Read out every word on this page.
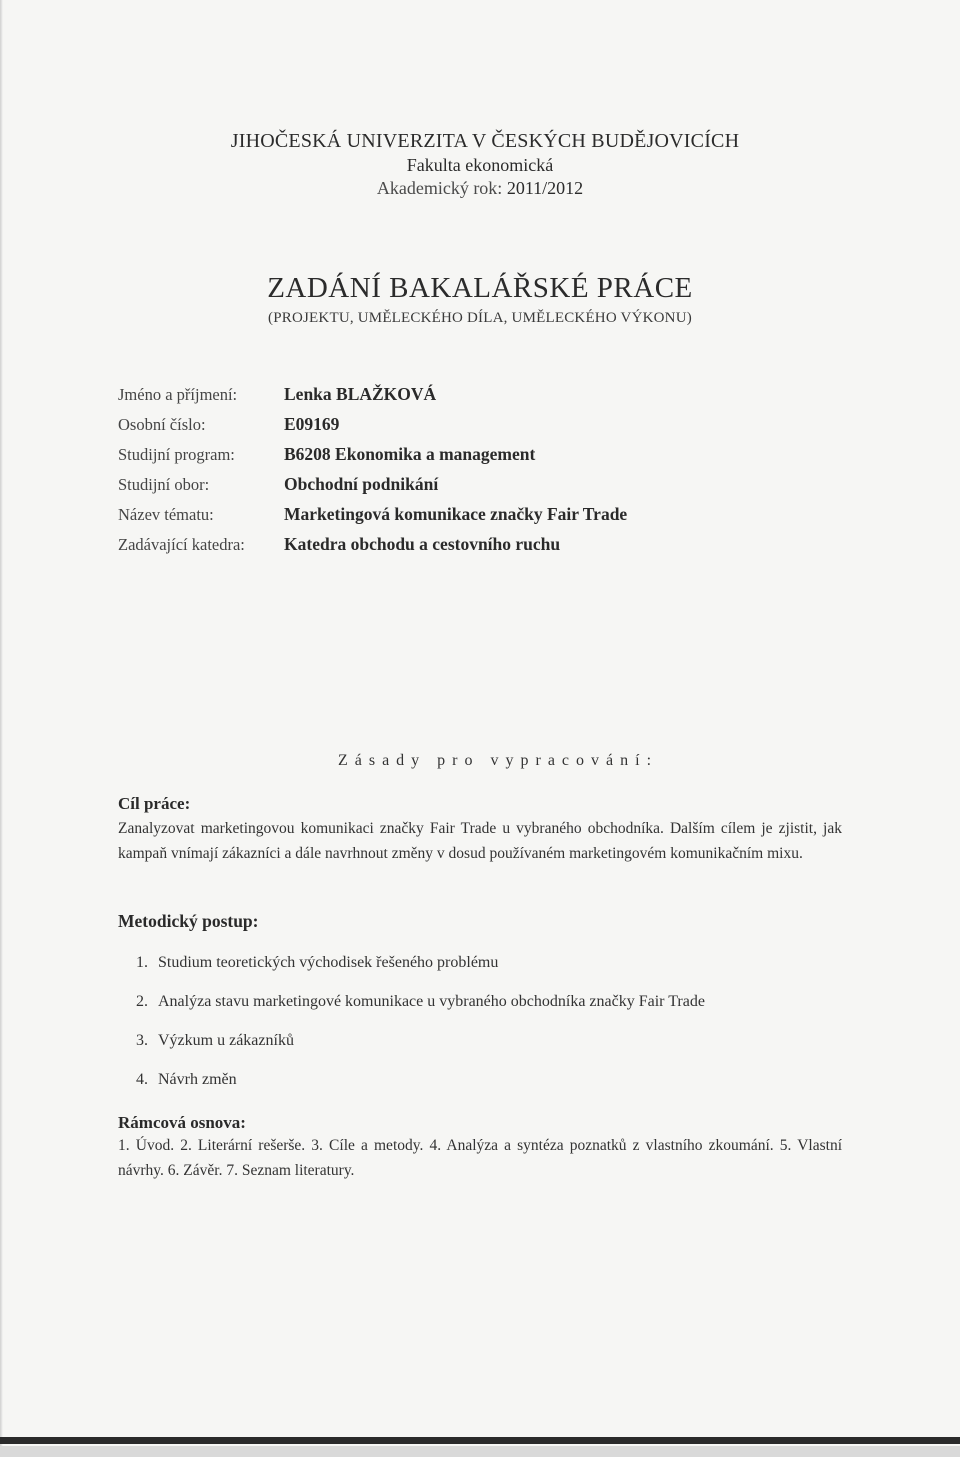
JIHOČESKÁ UNIVERZITA V ČESKÝCH BUDĚJOVICÍCH
Fakulta ekonomická
Akademický rok: 2011/2012
ZADÁNÍ BAKALÁŘSKÉ PRÁCE
(PROJEKTU, UMĚLECKÉHO DÍLA, UMĚLECKÉHO VÝKONU)
Jméno a příjmení:	Lenka BLAŽKOVÁ
Osobní číslo:	E09169
Studijní program:	B6208 Ekonomika a management
Studijní obor:	Obchodní podnikání
Název tématu:	Marketingová komunikace značky Fair Trade
Zadávající katedra:	Katedra obchodu a cestovního ruchu
Zásady pro vypracování:
Cíl práce:
Zanalyzovat marketingovou komunikaci značky Fair Trade u vybraného obchodníka. Dalším cílem je zjistit, jak kampaň vnímají zákazníci a dále navrhnout změny v dosud používaném marketingovém komunikačním mixu.
Metodický postup:
1. Studium teoretických východisek řešeného problému
2. Analýza stavu marketingové komunikace u vybraného obchodníka značky Fair Trade
3. Výzkum u zákazníků
4. Návrh změn
Rámcová osnova:
1. Úvod. 2. Literární rešerše. 3. Cíle a metody. 4. Analýza a syntéza poznatků z vlastního zkoumání. 5. Vlastní návrhy. 6. Závěr. 7. Seznam literatury.
